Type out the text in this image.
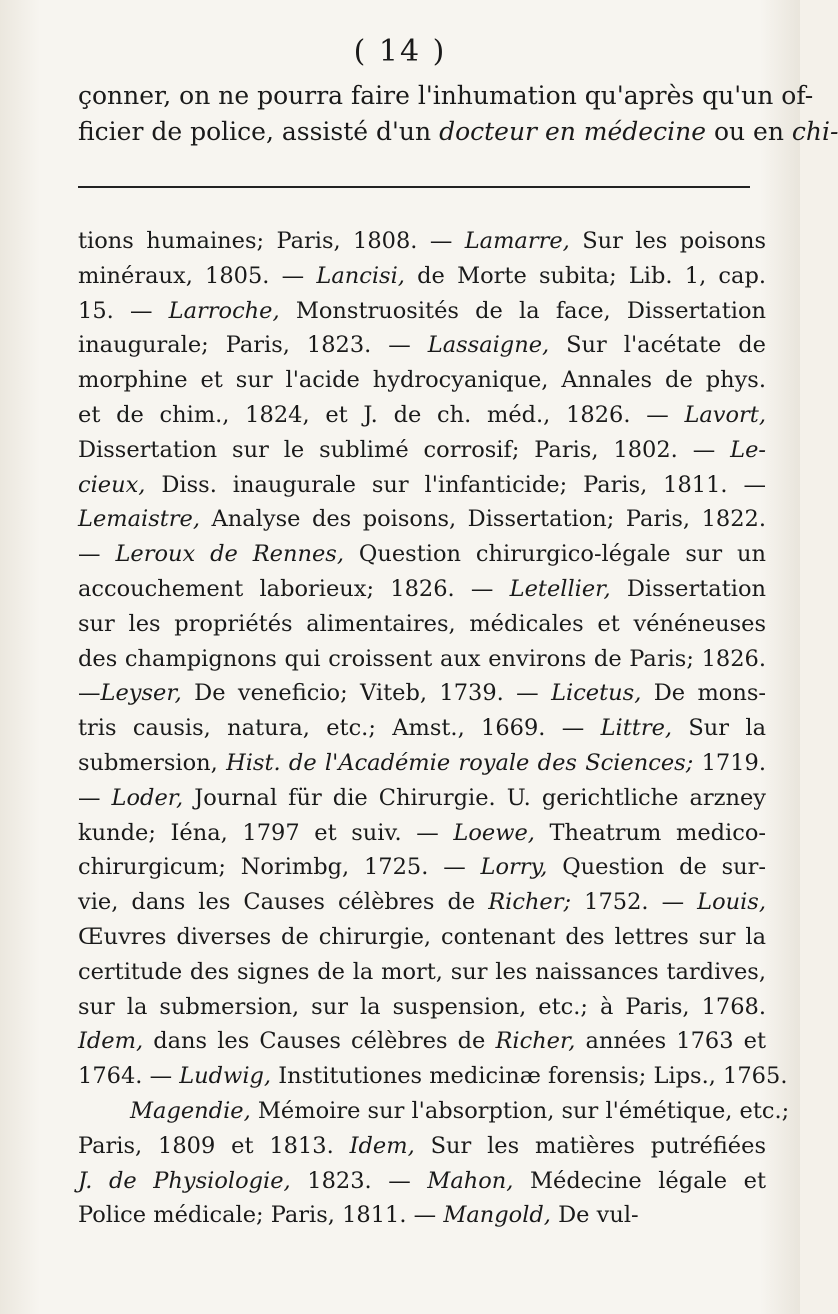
( 14 )
çonner, on ne pourra faire l'inhumation qu'après qu'un of-
ficier de police, assisté d'un docteur en médecine ou en chi-
tions humaines; Paris, 1808. — Lamarre, Sur les poisons
minéraux, 1805. — Lancisi, de Morte subita; Lib. 1, cap.
15. — Larroche, Monstruosités de la face, Dissertation
inaugurale; Paris, 1823. — Lassaigne, Sur l'acétate de
morphine et sur l'acide hydrocyanique, Annales de phys.
et de chim., 1824, et J. de ch. méd., 1826. — Lavort,
Dissertation sur le sublimé corrosif; Paris, 1802. — Le-
cieux, Diss. inaugurale sur l'infanticide; Paris, 1811. —
Lemaistre, Analyse des poisons, Dissertation; Paris, 1822.
— Leroux de Rennes, Question chirurgico-légale sur un
accouchement laborieux; 1826. — Letellier, Dissertation
sur les propriétés alimentaires, médicales et vénéneuses
des champignons qui croissent aux environs de Paris; 1826.
—Leyser, De veneficio; Viteb, 1739. — Licetus, De mons-
tris causis, natura, etc.; Amst., 1669. — Littre, Sur la
submersion, Hist. de l'Académie royale des Sciences; 1719.
— Loder, Journal für die Chirurgie. U. gerichtliche arzney
kunde; Iéna, 1797 et suiv. — Loewe, Theatrum medico-
chirurgicum; Norimbg, 1725. — Lorry, Question de sur-
vie, dans les Causes célèbres de Richer; 1752. — Louis,
Œuvres diverses de chirurgie, contenant des lettres sur la
certitude des signes de la mort, sur les naissances tardives,
sur la submersion, sur la suspension, etc.; à Paris, 1768.
Idem, dans les Causes célèbres de Richer, années 1763 et
1764. — Ludwig, Institutiones medicinæ forensis; Lips., 1765.
Magendie, Mémoire sur l'absorption, sur l'émétique, etc.;
Paris, 1809 et 1813. Idem, Sur les matières putréfiées
J. de Physiologie, 1823. — Mahon, Médecine légale et
Police médicale; Paris, 1811. — Mangold, De vul-
